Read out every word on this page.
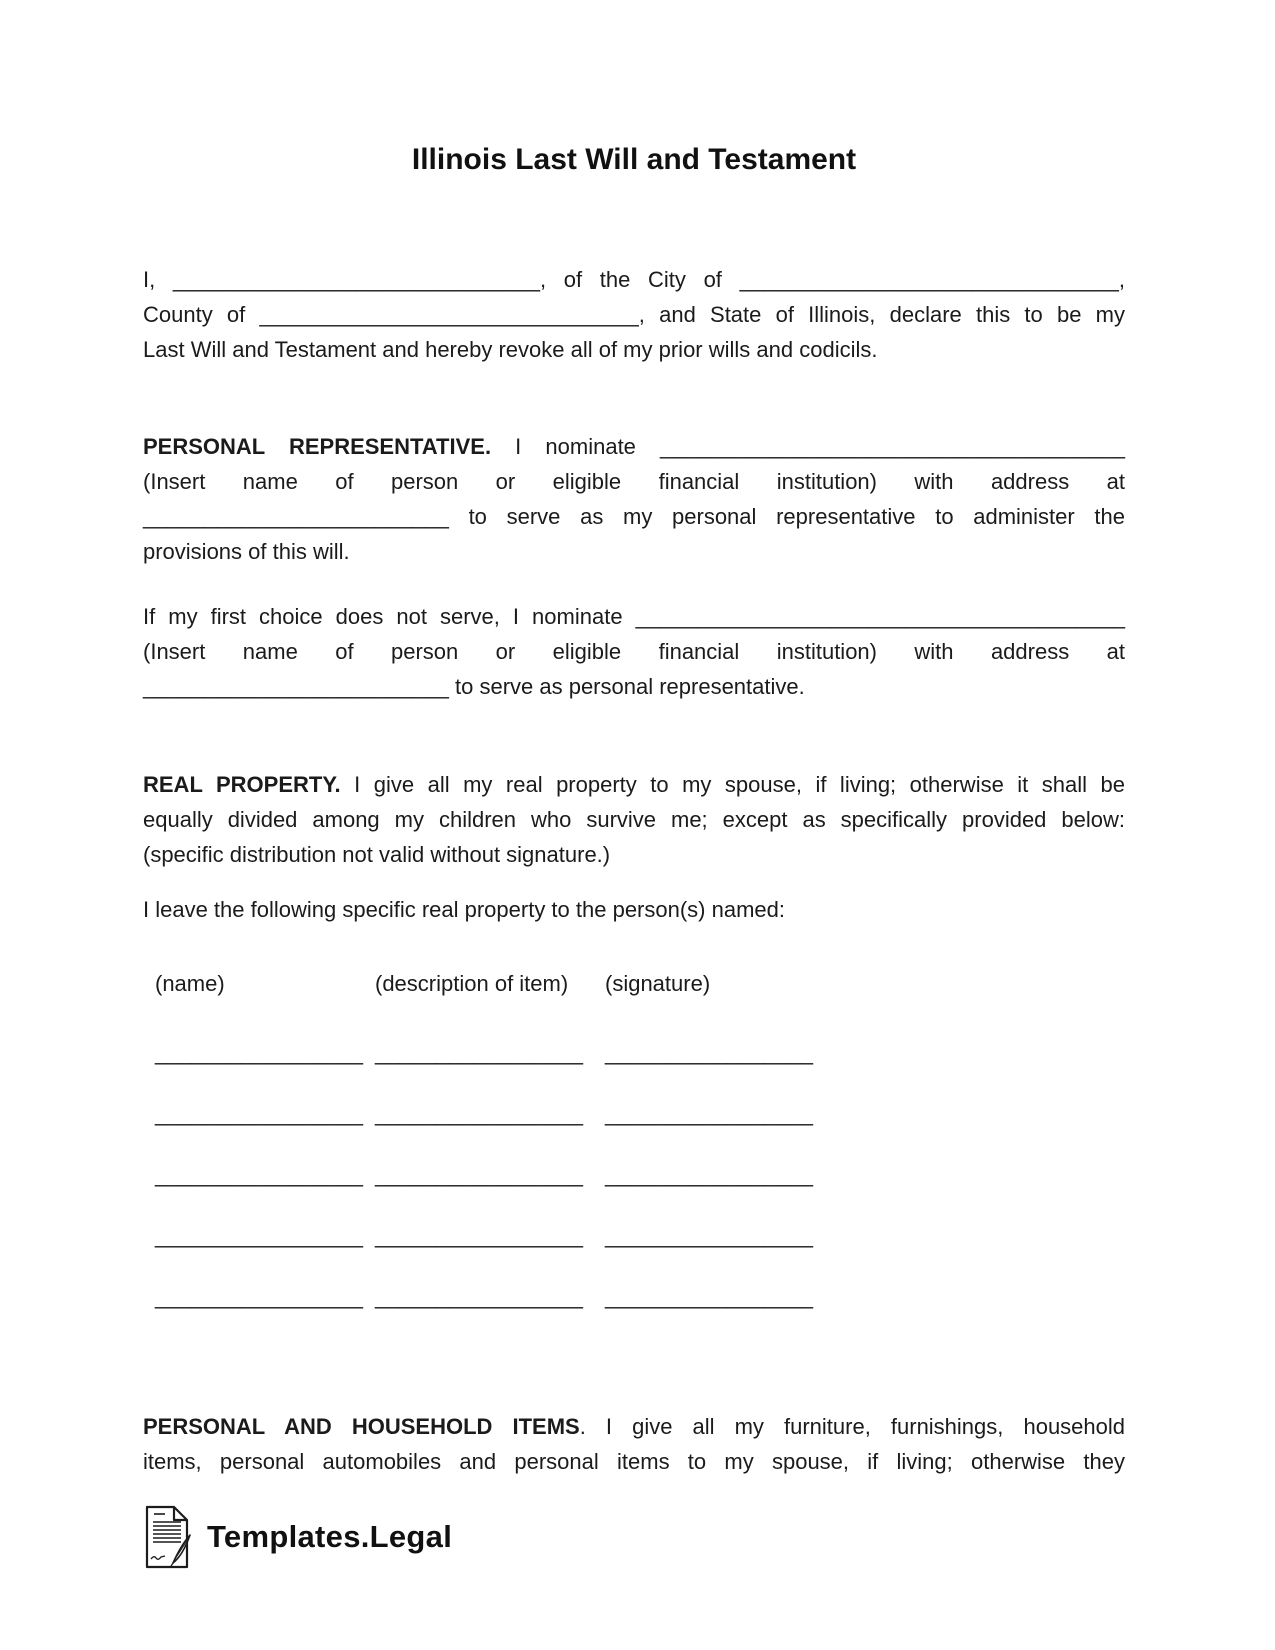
Illinois Last Will and Testament
I, ______________________________, of the City of _______________________________,
County of _______________________________, and State of Illinois, declare this to be my
Last Will and Testament and hereby revoke all of my prior wills and codicils.
PERSONAL REPRESENTATIVE. I nominate ______________________________________
(Insert name of person or eligible financial institution) with address at
_________________________ to serve as my personal representative to administer the
provisions of this will.
If my first choice does not serve, I nominate ________________________________________
(Insert name of person or eligible financial institution) with address at
_________________________ to serve as personal representative.
REAL PROPERTY. I give all my real property to my spouse, if living; otherwise it shall be
equally divided among my children who survive me; except as specifically provided below:
(specific distribution not valid without signature.)
I leave the following specific real property to the person(s) named:
(name)	(description of item)	(signature)
_________________ _________________ _________________
_________________ _________________ _________________
_________________ _________________ _________________
_________________ _________________ _________________
_________________ _________________ _________________
PERSONAL AND HOUSEHOLD ITEMS. I give all my furniture, furnishings, household
items, personal automobiles and personal items to my spouse, if living; otherwise they
Templates.Legal
